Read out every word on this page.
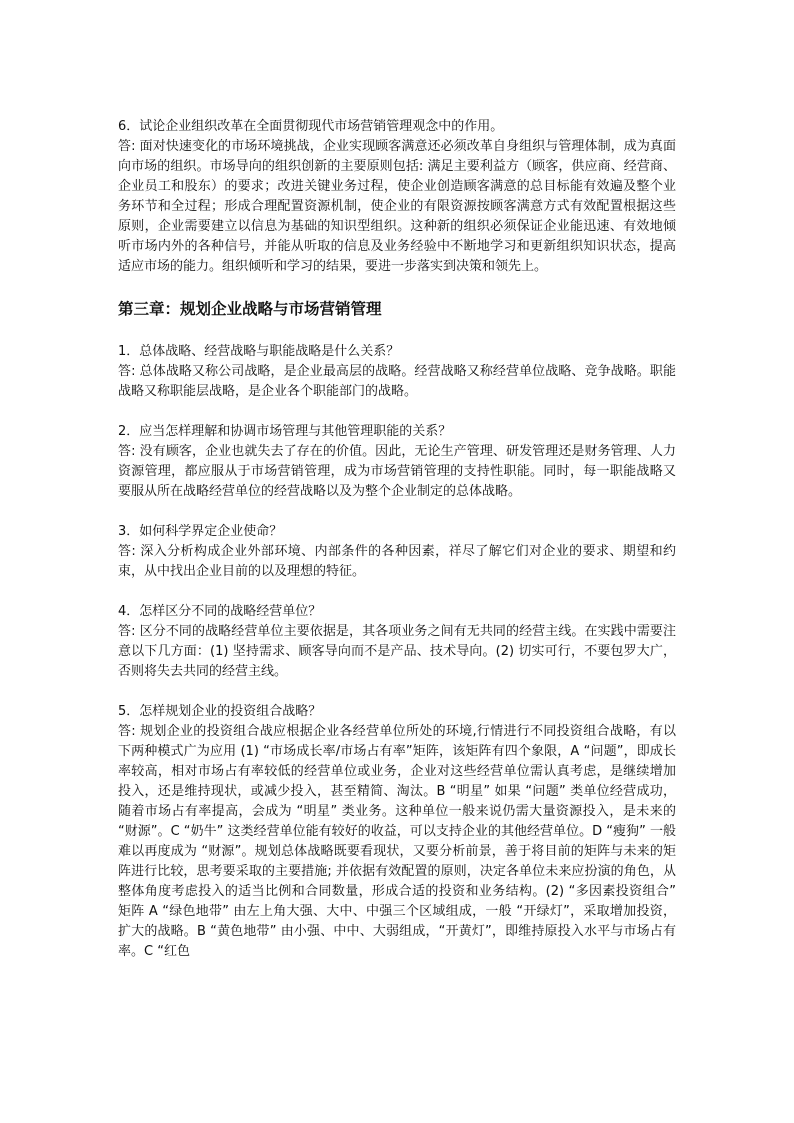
6．试论企业组织改革在全面贯彻现代市场营销管理观念中的作用。

答: 面对快速变化的市场环境挑战，企业实现顾客满意还必须改革自身组织与管理体制，成为真面向市场的组织。市场导向的组织创新的主要原则包括: 满足主要利益方（顾客，供应商、经营商、企业员工和股东）的要求；改进关键业务过程，使企业创造顾客满意的总目标能有效遍及整个业务环节和全过程；形成合理配置资源机制，使企业的有限资源按顾客满意方式有效配置根据这些原则，企业需要建立以信息为基础的知识型组织。这种新的组织必须保证企业能迅速、有效地倾听市场内外的各种信号，并能从听取的信息及业务经验中不断地学习和更新组织知识状态，提高适应市场的能力。组织倾听和学习的结果，要进一步落实到决策和领先上。

第三章：规划企业战略与市场营销管理

1．总体战略、经营战略与职能战略是什么关系？

答: 总体战略又称公司战略，是企业最高层的战略。经营战略又称经营单位战略、竞争战略。职能战略又称职能层战略，是企业各个职能部门的战略。

2．应当怎样理解和协调市场管理与其他管理职能的关系？

答: 没有顾客，企业也就失去了存在的价值。因此，无论生产管理、研发管理还是财务管理、人力资源管理，都应服从于市场营销管理，成为市场营销管理的支持性职能。同时，每一职能战略又要服从所在战略经营单位的经营战略以及为整个企业制定的总体战略。

3．如何科学界定企业使命？

答: 深入分析构成企业外部环境、内部条件的各种因素，祥尽了解它们对企业的要求、期望和约束，从中找出企业目前的以及理想的特征。

4．怎样区分不同的战略经营单位？

答: 区分不同的战略经营单位主要依据是，其各项业务之间有无共同的经营主线。在实践中需要注意以下几方面：(1) 坚持需求、顾客导向而不是产品、技术导向。(2) 切实可行，不要包罗大广，否则将失去共同的经营主线。

5．怎样规划企业的投资组合战略？

答: 规划企业的投资组合战应根据企业各经营单位所处的环境,行情进行不同投资组合战略，有以下两种模式广为应用 (1) “市场成长率/市场占有率”矩阵，该矩阵有四个象限，A “问题”，即成长率较高，相对市场占有率较低的经营单位或业务，企业对这些经营单位需认真考虑，是继续增加投入，还是维持现状，或减少投入，甚至精简、淘汰。B “明星” 如果 “问题” 类单位经营成功，随着市场占有率提高，会成为 “明星” 类业务。这种单位一般来说仍需大量资源投入，是未来的 “财源”。C “奶牛” 这类经营单位能有较好的收益，可以支持企业的其他经营单位。D “瘦狗” 一般难以再度成为 “财源”。规划总体战略既要看现状，又要分析前景，善于将目前的矩阵与未来的矩阵进行比较，思考要采取的主要措施; 并依据有效配置的原则，决定各单位未来应扮演的角色，从整体角度考虑投入的适当比例和合同数量，形成合适的投资和业务结构。(2) “多因素投资组合” 矩阵 A “绿色地带” 由左上角大强、大中、中强三个区域组成，一般 “开绿灯”，采取增加投资，扩大的战略。B “黄色地带” 由小强、中中、大弱组成，“开黄灯”，即维持原投入水平与市场占有率。C “红色
